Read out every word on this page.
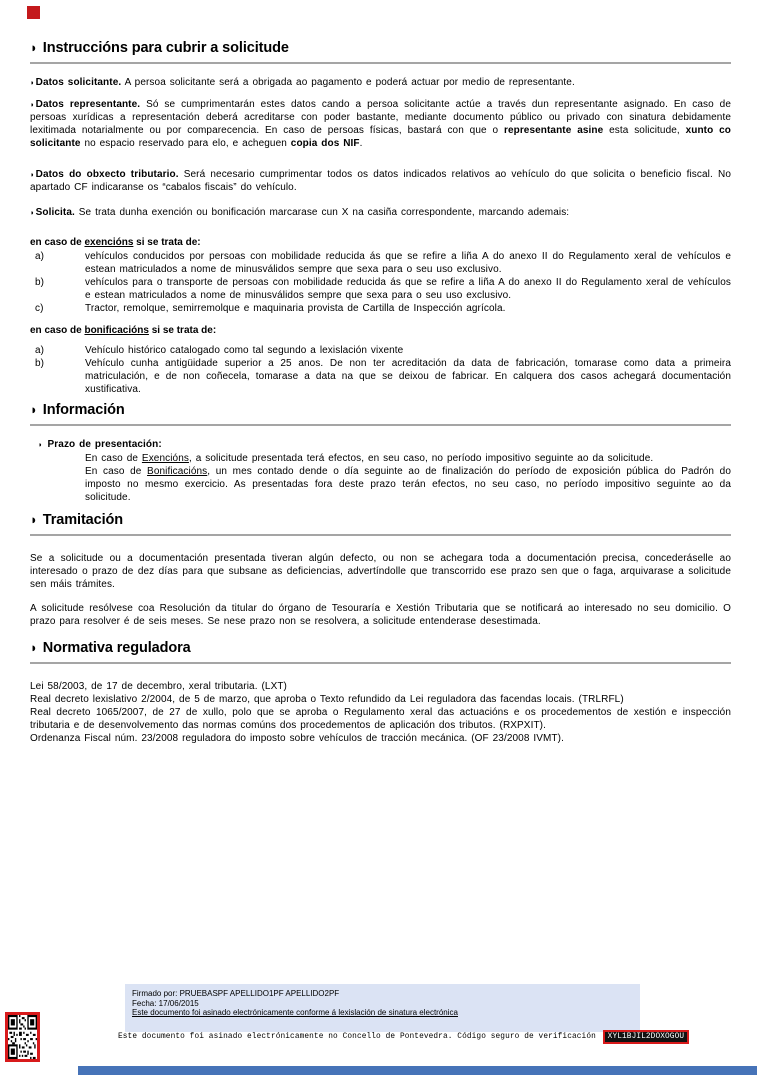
◗ Instruccións para cubrir a solicitude
◗Datos solicitante. A persoa solicitante será a obrigada ao pagamento e poderá actuar por medio de representante.
◗Datos representante. Só se cumprimentarán estes datos cando a persoa solicitante actúe a través dun representante asignado. En caso de persoas xurídicas a representación deberá acreditarse con poder bastante, mediante documento público ou privado con sinatura debidamente lexitimada notarialmente ou por comparecencia. En caso de persoas físicas, bastará con que o representante asine esta solicitude, xunto co solicitante no espacio reservado para elo, e acheguen copia dos NIF.
◗Datos do obxecto tributario. Será necesario cumprimentar todos os datos indicados relativos ao vehículo do que solicita o beneficio fiscal. No apartado CF indicaranse os “cabalos fiscais” do vehículo.
◗Solicita. Se trata dunha exención ou bonificación marcarase cun X na casiña correspondente, marcando ademais:
en caso de exencións si se trata de:
a)	vehículos conducidos por persoas con mobilidade reducida ás que se refire a liña A do anexo II do Regulamento xeral de vehículos e estean matriculados a nome de minusválidos sempre que sexa para o seu uso exclusivo.
b)	vehículos para o transporte de persoas con mobilidade reducida ás que se refire a liña A do anexo II do Regulamento xeral de vehículos e estean matriculados a nome de minusválidos sempre que sexa para o seu uso exclusivo.
c)	Tractor, remolque, semirremolque e maquinaria provista de Cartilla de Inspección agrícola.
en caso de bonificacións si se trata de:
a)	Vehículo histórico catalogado como tal segundo a lexislación vixente
b)	Vehículo cunha antigüidade superior a 25 anos. De non ter acreditación da data de fabricación, tomarase como data a primeira matriculación, e de non coñecela, tomarase a data na que se deixou de fabricar. En calquera dos casos achegará documentación xustificativa.
◗ Información
◗ Prazo de presentación:
En caso de Exencións, a solicitude presentada terá efectos, en seu caso, no período impositivo seguinte ao da solicitude.
En caso de Bonificacións, un mes contado dende o día seguinte ao de finalización do período de exposición pública do Padrón do imposto no mesmo exercicio. As presentadas fora deste prazo terán efectos, no seu caso, no período impositivo seguinte ao da solicitude.
◗ Tramitación
Se a solicitude ou a documentación presentada tiveran algún defecto, ou non se achegara toda a documentación precisa, concederáselle ao interesado o prazo de dez días para que subsane as deficiencias, advertíndolle que transcorrido ese prazo sen que o faga, arquivarase a solicitude sen máis trámites.
A solicitude resólvese coa Resolución da titular do órgano de Tesouraría e Xestión Tributaria que se notificará ao interesado no seu domicilio. O prazo para resolver é de seis meses. Se nese prazo non se resolvera, a solicitude entenderase desestimada.
◗ Normativa reguladora
Lei 58/2003, de 17 de decembro, xeral tributaria. (LXT)
Real decreto lexislativo 2/2004, de 5 de marzo, que aproba o Texto refundido da Lei reguladora das facendas locais. (TRLRFL)
Real decreto 1065/2007, de 27 de xullo, polo que se aproba o Regulamento xeral das actuacións e os procedementos de xestión e inspección tributaria e de desenvolvemento das normas comúns dos procedementos de aplicación dos tributos. (RXPXIT).
Ordenanza Fiscal núm. 23/2008 reguladora do imposto sobre vehículos de tracción mecánica. (OF 23/2008 IVMT).
Firmado por: PRUEBASPF APELLIDO1PF APELLIDO2PF
Fecha: 17/06/2015
Este documento foi asinado electrónicamente conforme á lexislación de sinatura electrónica
Este documento foi asinado electrónicamente no Concello de Pontevedra. Código seguro de verificación XYL1BJIL2DOXOGOU
